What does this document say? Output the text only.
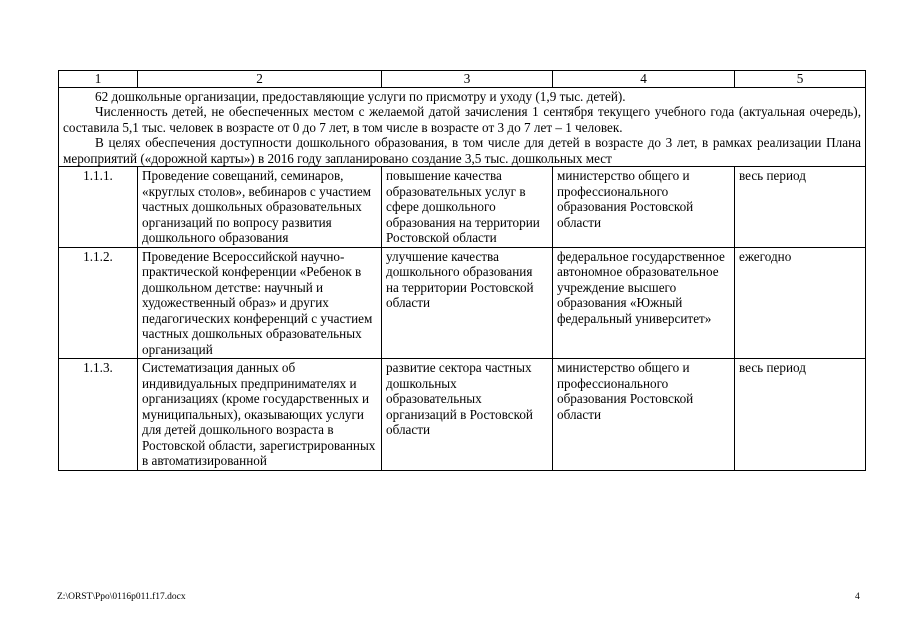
1	2	3	4	5

62 дошкольные организации, предоставляющие услуги по присмотру и уходу (1,9 тыс. детей).

Численность детей, не обеспеченных местом с желаемой датой зачисления 1 сентября текущего учебного года (актуальная очередь), составила 5,1 тыс. человек в возрасте от 0 до 7 лет, в том числе в возрасте от 3 до 7 лет – 1 человек.

В целях обеспечения доступности дошкольного образования, в том числе для детей в возрасте до 3 лет, в рамках реализации Плана мероприятий («дорожной карты») в 2016 году запланировано создание 3,5 тыс. дошкольных мест				

1.1.1.	Проведение совещаний, семинаров, «круглых столов», вебинаров с участием частных дошкольных образовательных организаций по вопросу развития дошкольного образования	повышение качества образовательных услуг в сфере дошкольного образования на территории Ростовской области	министерство общего и профессионального образования Ростовской области	весь период
1.1.2.	Проведение Всероссийской научно-практической конференции «Ребенок в дошкольном детстве: научный и художественный образ» и других педагогических конференций с участием частных дошкольных образовательных организаций	улучшение качества дошкольного образования на территории Ростовской области	федеральное государственное автономное образовательное учреждение высшего образования «Южный федеральный университет»	ежегодно
1.1.3.	Систематизация данных об индивидуальных предпринимателях и организациях (кроме государственных и муниципальных), оказывающих услуги для детей дошкольного возраста в Ростовской области, зарегистрированных в автоматизированной	развитие сектора частных дошкольных образовательных организаций в Ростовской области	министерство общего и профессионального образования Ростовской области	весь период
Z:\ORST\Ppo\0116p011.f17.docx	4
